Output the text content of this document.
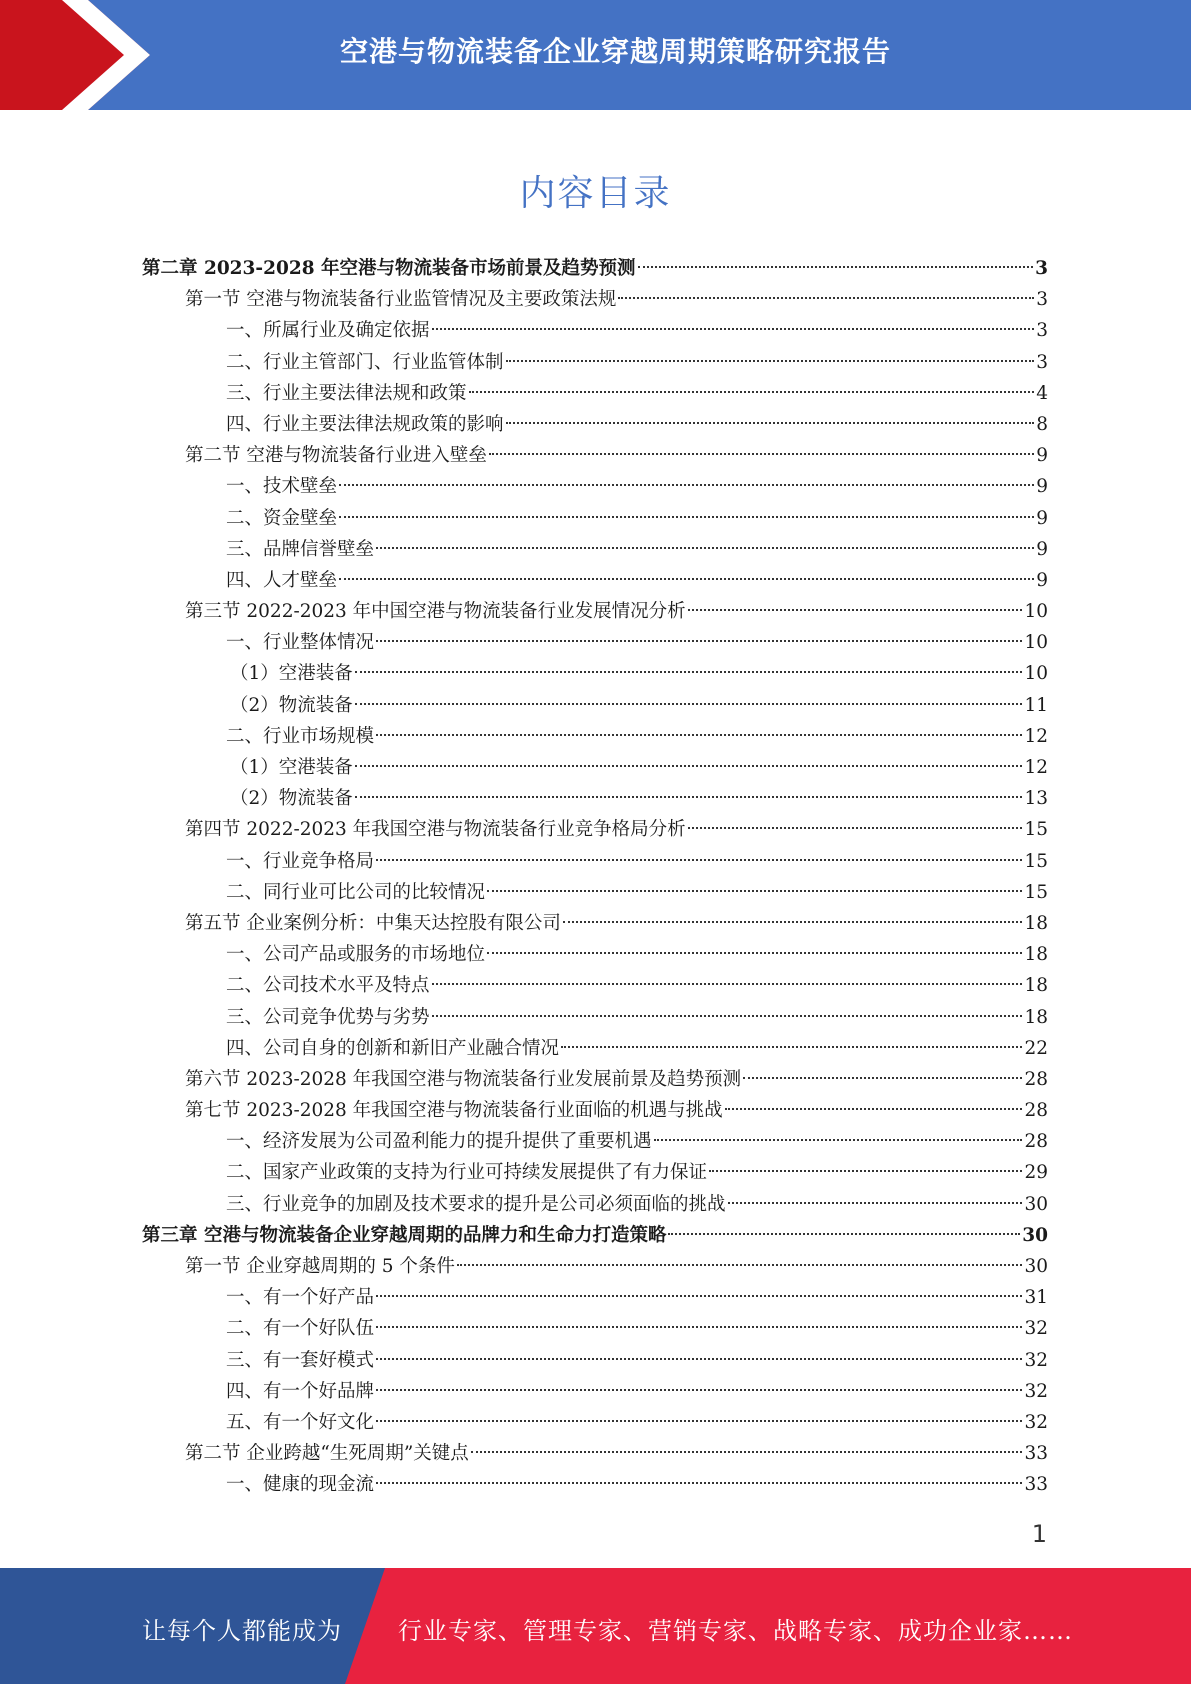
空港与物流装备企业穿越周期策略研究报告
内容目录
第二章 2023-2028 年空港与物流装备市场前景及趋势预测	3
第一节 空港与物流装备行业监管情况及主要政策法规	3
一、所属行业及确定依据	3
二、行业主管部门、行业监管体制	3
三、行业主要法律法规和政策	4
四、行业主要法律法规政策的影响	8
第二节 空港与物流装备行业进入壁垒	9
一、技术壁垒	9
二、资金壁垒	9
三、品牌信誉壁垒	9
四、人才壁垒	9
第三节 2022-2023 年中国空港与物流装备行业发展情况分析	10
一、行业整体情况	10
（1）空港装备	10
（2）物流装备	11
二、行业市场规模	12
（1）空港装备	12
（2）物流装备	13
第四节 2022-2023 年我国空港与物流装备行业竞争格局分析	15
一、行业竞争格局	15
二、同行业可比公司的比较情况	15
第五节 企业案例分析：中集天达控股有限公司	18
一、公司产品或服务的市场地位	18
二、公司技术水平及特点	18
三、公司竞争优势与劣势	18
四、公司自身的创新和新旧产业融合情况	22
第六节 2023-2028 年我国空港与物流装备行业发展前景及趋势预测	28
第七节 2023-2028 年我国空港与物流装备行业面临的机遇与挑战	28
一、经济发展为公司盈利能力的提升提供了重要机遇	28
二、国家产业政策的支持为行业可持续发展提供了有力保证	29
三、行业竞争的加剧及技术要求的提升是公司必须面临的挑战	30
第三章 空港与物流装备企业穿越周期的品牌力和生命力打造策略	30
第一节 企业穿越周期的 5 个条件	30
一、有一个好产品	31
二、有一个好队伍	32
三、有一套好模式	32
四、有一个好品牌	32
五、有一个好文化	32
第二节 企业跨越“生死周期”关键点	33
一、健康的现金流	33
1
让每个人都能成为 行业专家、管理专家、营销专家、战略专家、成功企业家……
